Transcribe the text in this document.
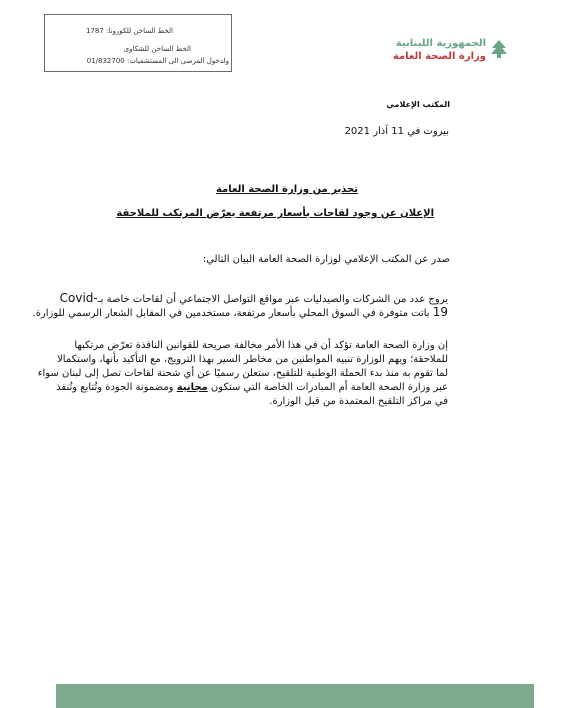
الخط الساخن للكورونا: 1787
الخط الساخن للشكاوى
ولدخول المرضى الى المستشفيات: 01/832700
الجمهورية اللبنانية
وزارة الصحة العامة
المكتب الإعلامي
بيروت في 11 آذار 2021
تحذير من وزارة الصحة العامة
الإعلان عن وجود لقاحات بأسعار مرتفعة يعرّض المرتكب للملاحقة
صدر عن المكتب الإعلامي لوزارة الصحة العامة البيان التالي:
يروج عدد من الشركات والصيدليات عبر مواقع التواصل الاجتماعي أن لقاحات خاصة بـCovid-
19 باتت متوفرة في السوق المحلي بأسعار مرتفعة، مستخدمين في المقابل الشعار الرسمي للوزارة.
إن وزارة الصحة العامة تؤكد أن في هذا الأمر مخالفة صريحة للقوانين النافذة تعرّض مرتكبها
للملاحقة؛ ويهم الوزارة تنبيه المواطنين من مخاطر السير بهذا الترويج، مع التأكيد بأنها، واستكمالا
لما تقوم به منذ بدء الحملة الوطنية للتلقيح، ستعلن رسميًا عن أي شحنة لقاحات تصل إلى لبنان سواء
عبر وزارة الصحة العامة أم المبادرات الخاصة التي ستكون مجانية ومضمونة الجودة وتُتابع وتُنفذ
في مراكز التلقيح المعتمدة من قبل الوزارة.
